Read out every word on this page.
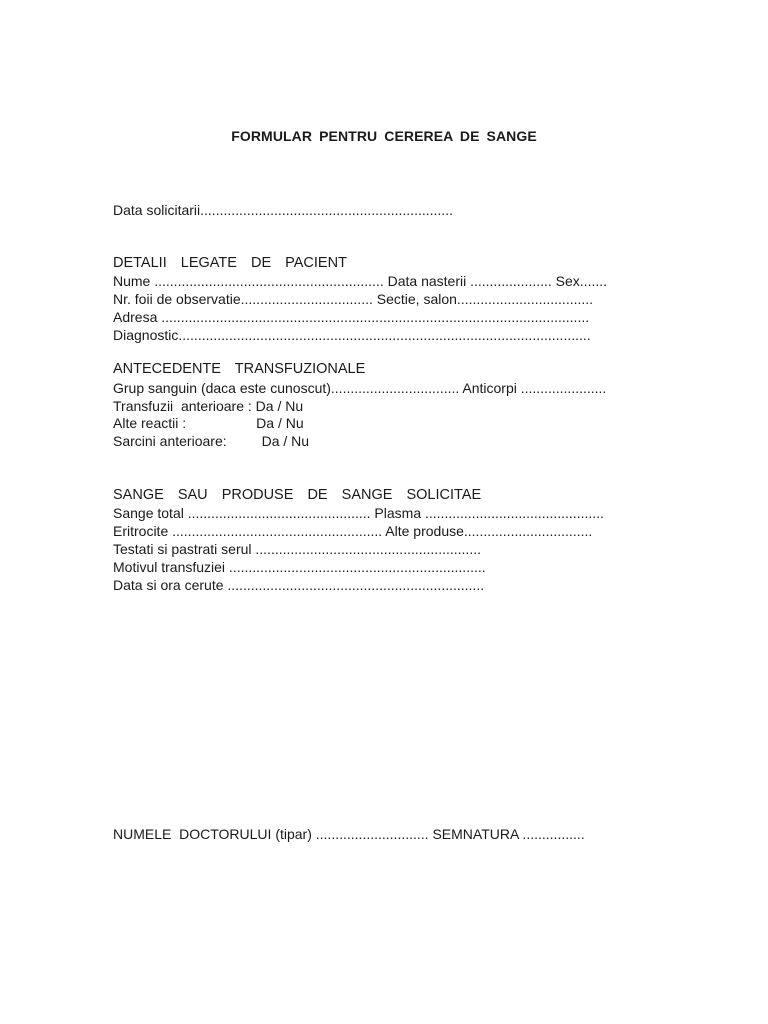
FORMULAR PENTRU CEREREA DE SANGE
Data solicitarii.................................................................
DETALII  LEGATE  DE  PACIENT
Nume ........................................................... Data nasterii ..................... Sex.......
Nr. foii de observatie.................................. Sectie, salon...................................
Adresa ..............................................................................................................
Diagnostic..........................................................................................................
ANTECEDENTE  TRANSFUZIONALE
Grup sanguin (daca este cunoscut)................................. Anticorpi ......................
Transfuzii  anterioare : Da / Nu
Alte reactii :                  Da / Nu
Sarcini anterioare:         Da / Nu
SANGE  SAU  PRODUSE  DE  SANGE  SOLICITAE
Sange total ............................................... Plasma ..............................................
Eritrocite ...................................................... Alte produse.................................
Testati si pastrati serul ..........................................................
Motivul transfuziei ..................................................................
Data si ora cerute ..................................................................
NUMELE  DOCTORULUI (tipar) ............................. SEMNATURA ................
